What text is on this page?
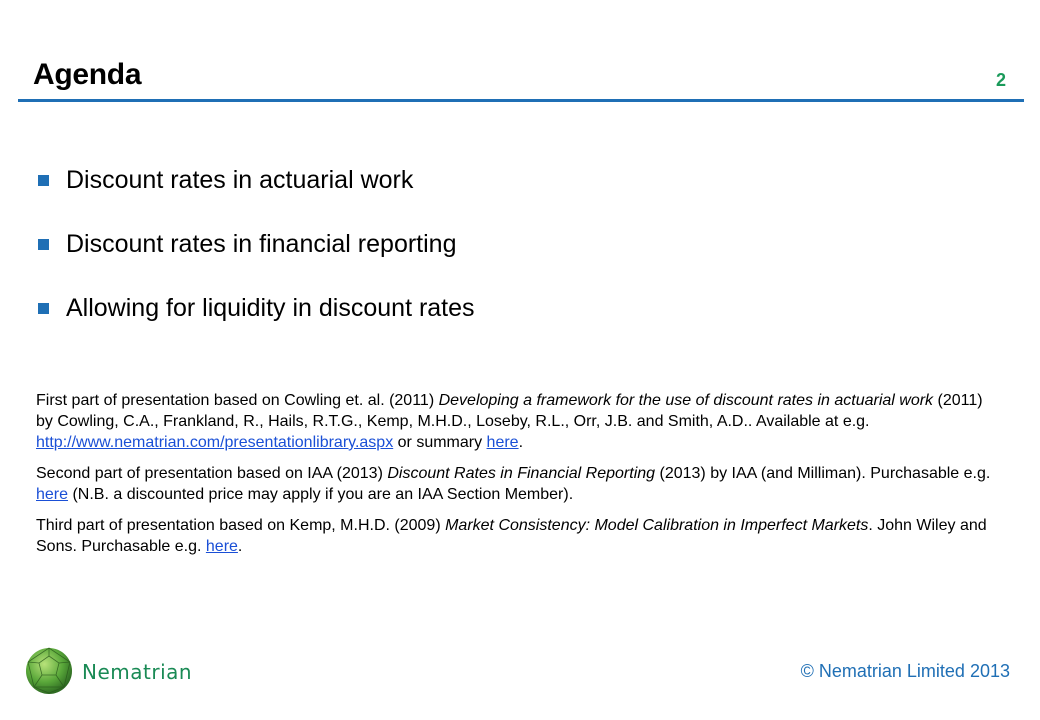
Agenda	2
Discount rates in actuarial work
Discount rates in financial reporting
Allowing for liquidity in discount rates

First part of presentation based on Cowling et. al. (2011) Developing a framework for the use of discount rates in actuarial work (2011) by Cowling, C.A., Frankland, R., Hails, R.T.G., Kemp, M.H.D., Loseby, R.L., Orr, J.B. and Smith, A.D.. Available at e.g. http://www.nematrian.com/presentationlibrary.aspx or summary here.

Second part of presentation based on IAA (2013) Discount Rates in Financial Reporting (2013) by IAA (and Milliman). Purchasable e.g. here (N.B. a discounted price may apply if you are an IAA Section Member).

Third part of presentation based on Kemp, M.H.D. (2009) Market Consistency: Model Calibration in Imperfect Markets. John Wiley and Sons. Purchasable e.g. here.

Nematrian	© Nematrian Limited 2013
